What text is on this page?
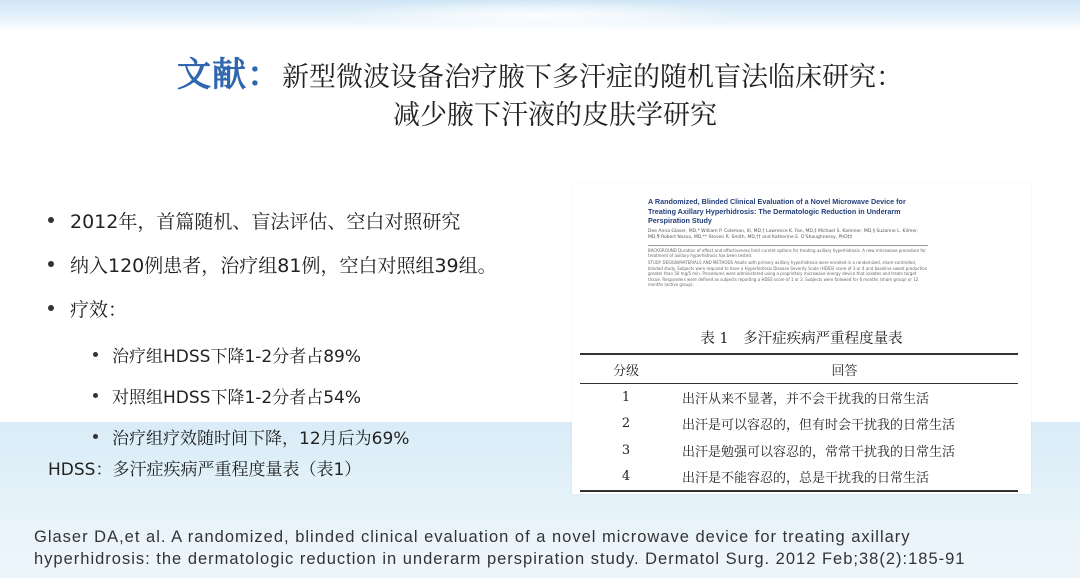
文献：新型微波设备治疗腋下多汗症的随机盲法临床研究：
减少腋下汗液的皮肤学研究
2012年，首篇随机、盲法评估、空白对照研究
纳入120例患者，治疗组81例，空白对照组39组。
疗效：
治疗组HDSS下降1-2分者占89%
对照组HDSS下降1-2分者占54%
治疗组疗效随时间下降，12月后为69%
HDSS：多汗症疾病严重程度量表（表1）
A Randomized, Blinded Clinical Evaluation of a Novel Microwave Device for Treating Axillary Hyperhidrosis: The Dermatologic Reduction in Underarm Perspiration Study
Dee Anna Glaser, MD,* William P. Coleman, III, MD,† Lawrence K. Fan, MD,‡ Michael S. Kaminer, MD,§ Suzanne L. Kilmer, MD,¶ Robert Nossa, MD,** Steven R. Smith, MD,†† and Katherine E. O'Shaughnessy, PhD‡‡
BACKGROUND Duration of effect and effectiveness limit current options for treating axillary hyperhidrosis. A new microwave procedure for treatment of axillary hyperhidrosis has been tested.
STUDY DESIGN/MATERIALS AND METHODS Adults with primary axillary hyperhidrosis were enrolled in a randomized, sham-controlled, blinded study. Subjects were required to have a Hyperhidrosis Disease Severity Scale (HDSS) score of 3 or 4 and baseline sweat production greater than 50 mg/5 min. Procedures were administered using a proprietary microwave energy device that isolates and treats target tissue. Responders were defined as subjects reporting a HDSS score of 1 or 2. Subjects were followed for 6 months (sham group) or 12 months (active group).
表 1　多汗症疾病严重程度量表
分级	回答
1	出汗从来不显著，并不会干扰我的日常生活
2	出汗是可以容忍的，但有时会干扰我的日常生活
3	出汗是勉强可以容忍的，常常干扰我的日常生活
4	出汗是不能容忍的，总是干扰我的日常生活
Glaser DA,et al. A randomized, blinded clinical evaluation of a novel microwave device for treating axillary
hyperhidrosis: the dermatologic reduction in underarm perspiration study. Dermatol Surg. 2012 Feb;38(2):185-91
